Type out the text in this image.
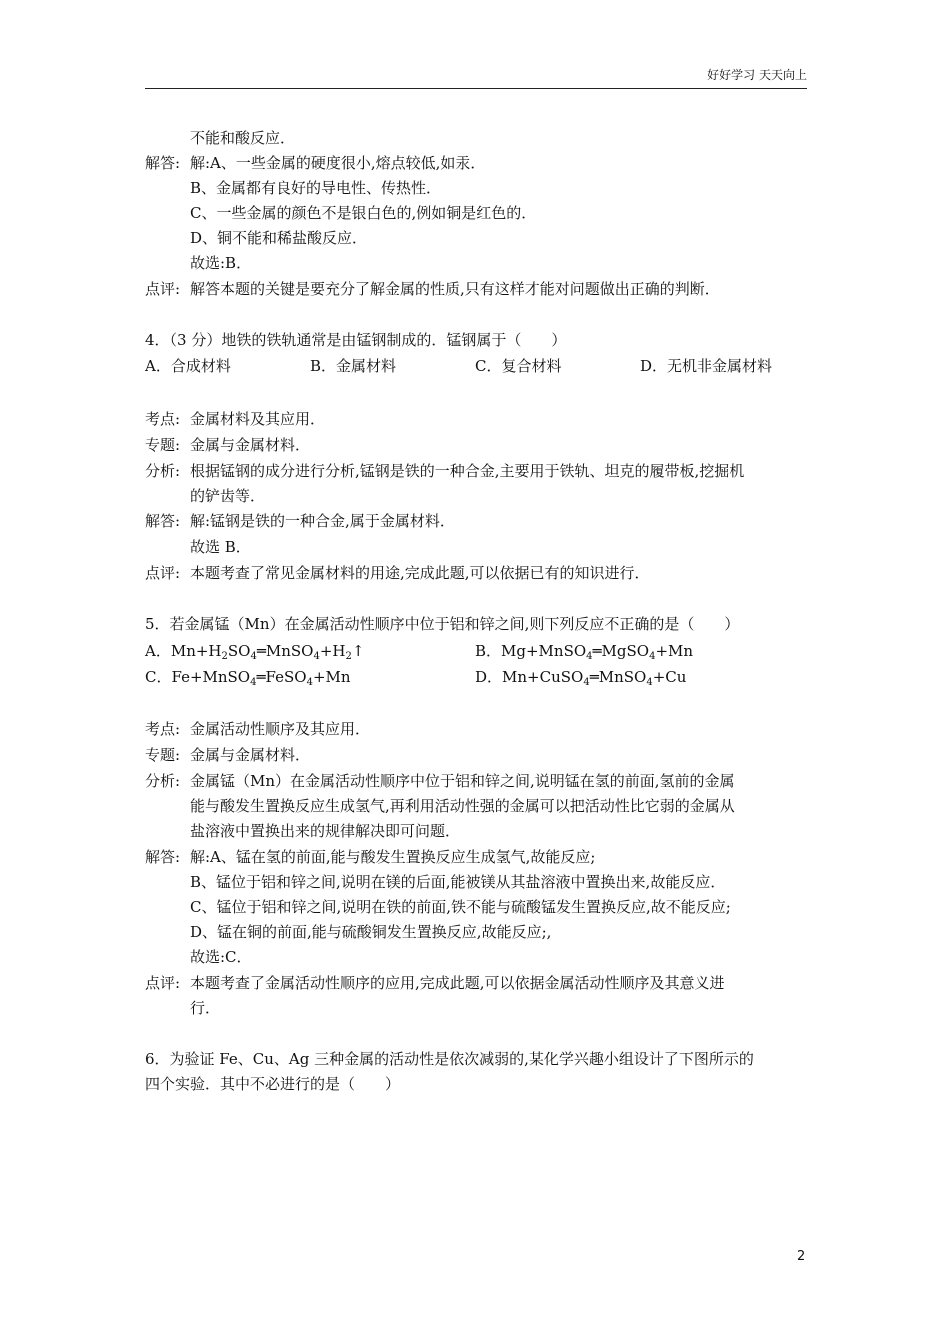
好好学习 天天向上
不能和酸反应．
解答: 解:A、一些金属的硬度很小,熔点较低,如汞．
B、金属都有良好的导电性、传热性．
C、一些金属的颜色不是银白色的,例如铜是红色的．
D、铜不能和稀盐酸反应．
故选:B．
点评: 解答本题的关键是要充分了解金属的性质,只有这样才能对问题做出正确的判断．
4．（3 分）地铁的铁轨通常是由锰钢制成的．锰钢属于（　　）
A．合成材料	B．金属材料	C．复合材料	D．无机非金属材料
考点: 金属材料及其应用．
专题: 金属与金属材料．
分析: 根据锰钢的成分进行分析,锰钢是铁的一种合金,主要用于铁轨、坦克的履带板,挖掘机
的铲齿等．
解答: 解:锰钢是铁的一种合金,属于金属材料．
故选 B．
点评: 本题考查了常见金属材料的用途,完成此题,可以依据已有的知识进行．
5．若金属锰（Mn）在金属活动性顺序中位于铝和锌之间,则下列反应不正确的是（　　）
A．$Mn+H_2SO_4═MnSO_4+H_2↑$	B．Mg+MnSO$_4$═MgSO$_4$+Mn
C．Fe+MnSO$_4$═FeSO$_4$+Mn	D．Mn+CuSO$_4$═MnSO$_4$+Cu
考点: 金属活动性顺序及其应用．
专题: 金属与金属材料．
分析: 金属锰（Mn）在金属活动性顺序中位于铝和锌之间,说明锰在氢的前面,氢前的金属
能与酸发生置换反应生成氢气,再利用活动性强的金属可以把活动性比它弱的金属从
盐溶液中置换出来的规律解决即可问题．
解答: 解:A、锰在氢的前面,能与酸发生置换反应生成氢气,故能反应;
B、锰位于铝和锌之间,说明在镁的后面,能被镁从其盐溶液中置换出来,故能反应．
C、锰位于铝和锌之间,说明在铁的前面,铁不能与硫酸锰发生置换反应,故不能反应;
D、锰在铜的前面,能与硫酸铜发生置换反应,故能反应;,
故选:C．
点评: 本题考查了金属活动性顺序的应用,完成此题,可以依据金属活动性顺序及其意义进
行．
6．为验证 Fe、Cu、Ag 三种金属的活动性是依次减弱的,某化学兴趣小组设计了下图所示的
四个实验．其中不必进行的是（　　）
2
